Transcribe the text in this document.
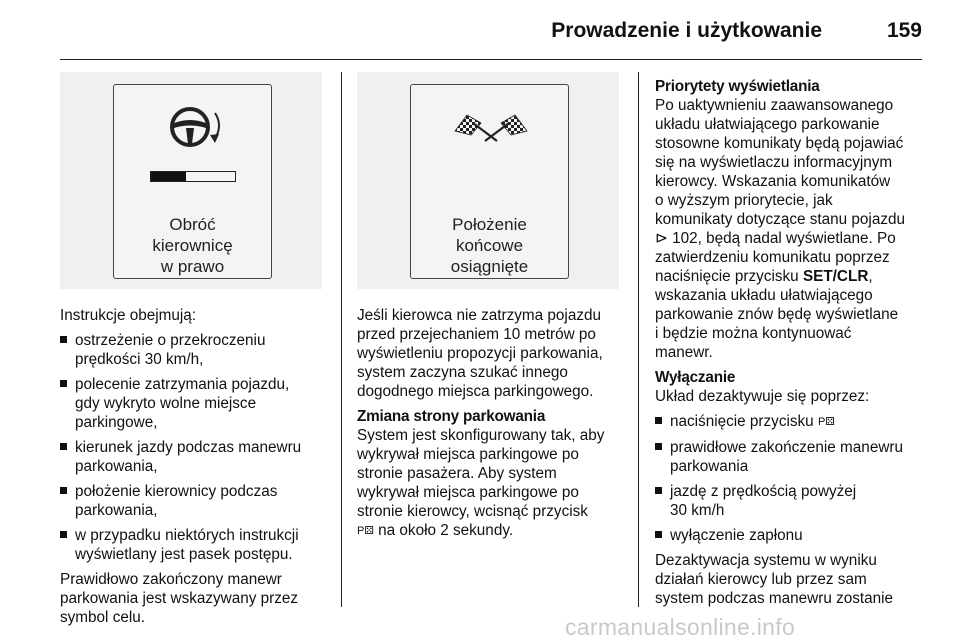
Prowadzenie i użytkowanie	159
Obróć
kierownicę
w prawo
Położenie
końcowe
osiągnięte

Instrukcje obejmują:

ostrzeżenie o przekroczeniu
prędkości 30 km/h,
polecenie zatrzymania pojazdu,
gdy wykryto wolne miejsce
parkingowe,
kierunek jazdy podczas manewru
parkowania,
położenie kierownicy podczas
parkowania,
w przypadku niektórych instrukcji
wyświetlany jest pasek postępu.

Prawidłowo zakończony manewr
parkowania jest wskazywany przez
symbol celu.

Jeśli kierowca nie zatrzyma pojazdu
przed przejechaniem 10 metrów po
wyświetleniu propozycji parkowania,
system zaczyna szukać innego
dogodnego miejsca parkingowego.

Zmiana strony parkowania

System jest skonfigurowany tak, aby
wykrywał miejsca parkingowe po
stronie pasażera. Aby system
wykrywał miejsca parkingowe po
stronie kierowcy, wcisnąć przycisk
P⚄ na około 2 sekundy.

Priorytety wyświetlania

Po uaktywnieniu zaawansowanego
układu ułatwiającego parkowanie
stosowne komunikaty będą pojawiać
się na wyświetlaczu informacyjnym
kierowcy. Wskazania komunikatów
o wyższym priorytecie, jak
komunikaty dotyczące stanu pojazdu
⊳ 102, będą nadal wyświetlane. Po
zatwierdzeniu komunikatu poprzez
naciśnięcie przycisku SET/CLR,
wskazania układu ułatwiającego
parkowanie znów będę wyświetlane
i będzie można kontynuować
manewr.

Wyłączanie

Układ dezaktywuje się poprzez:

naciśnięcie przycisku P⚄
prawidłowe zakończenie manewru
parkowania
jazdę z prędkością powyżej
30 km/h
wyłączenie zapłonu

Dezaktywacja systemu w wyniku
działań kierowcy lub przez sam
system podczas manewru zostanie

carmanualsonline.info
